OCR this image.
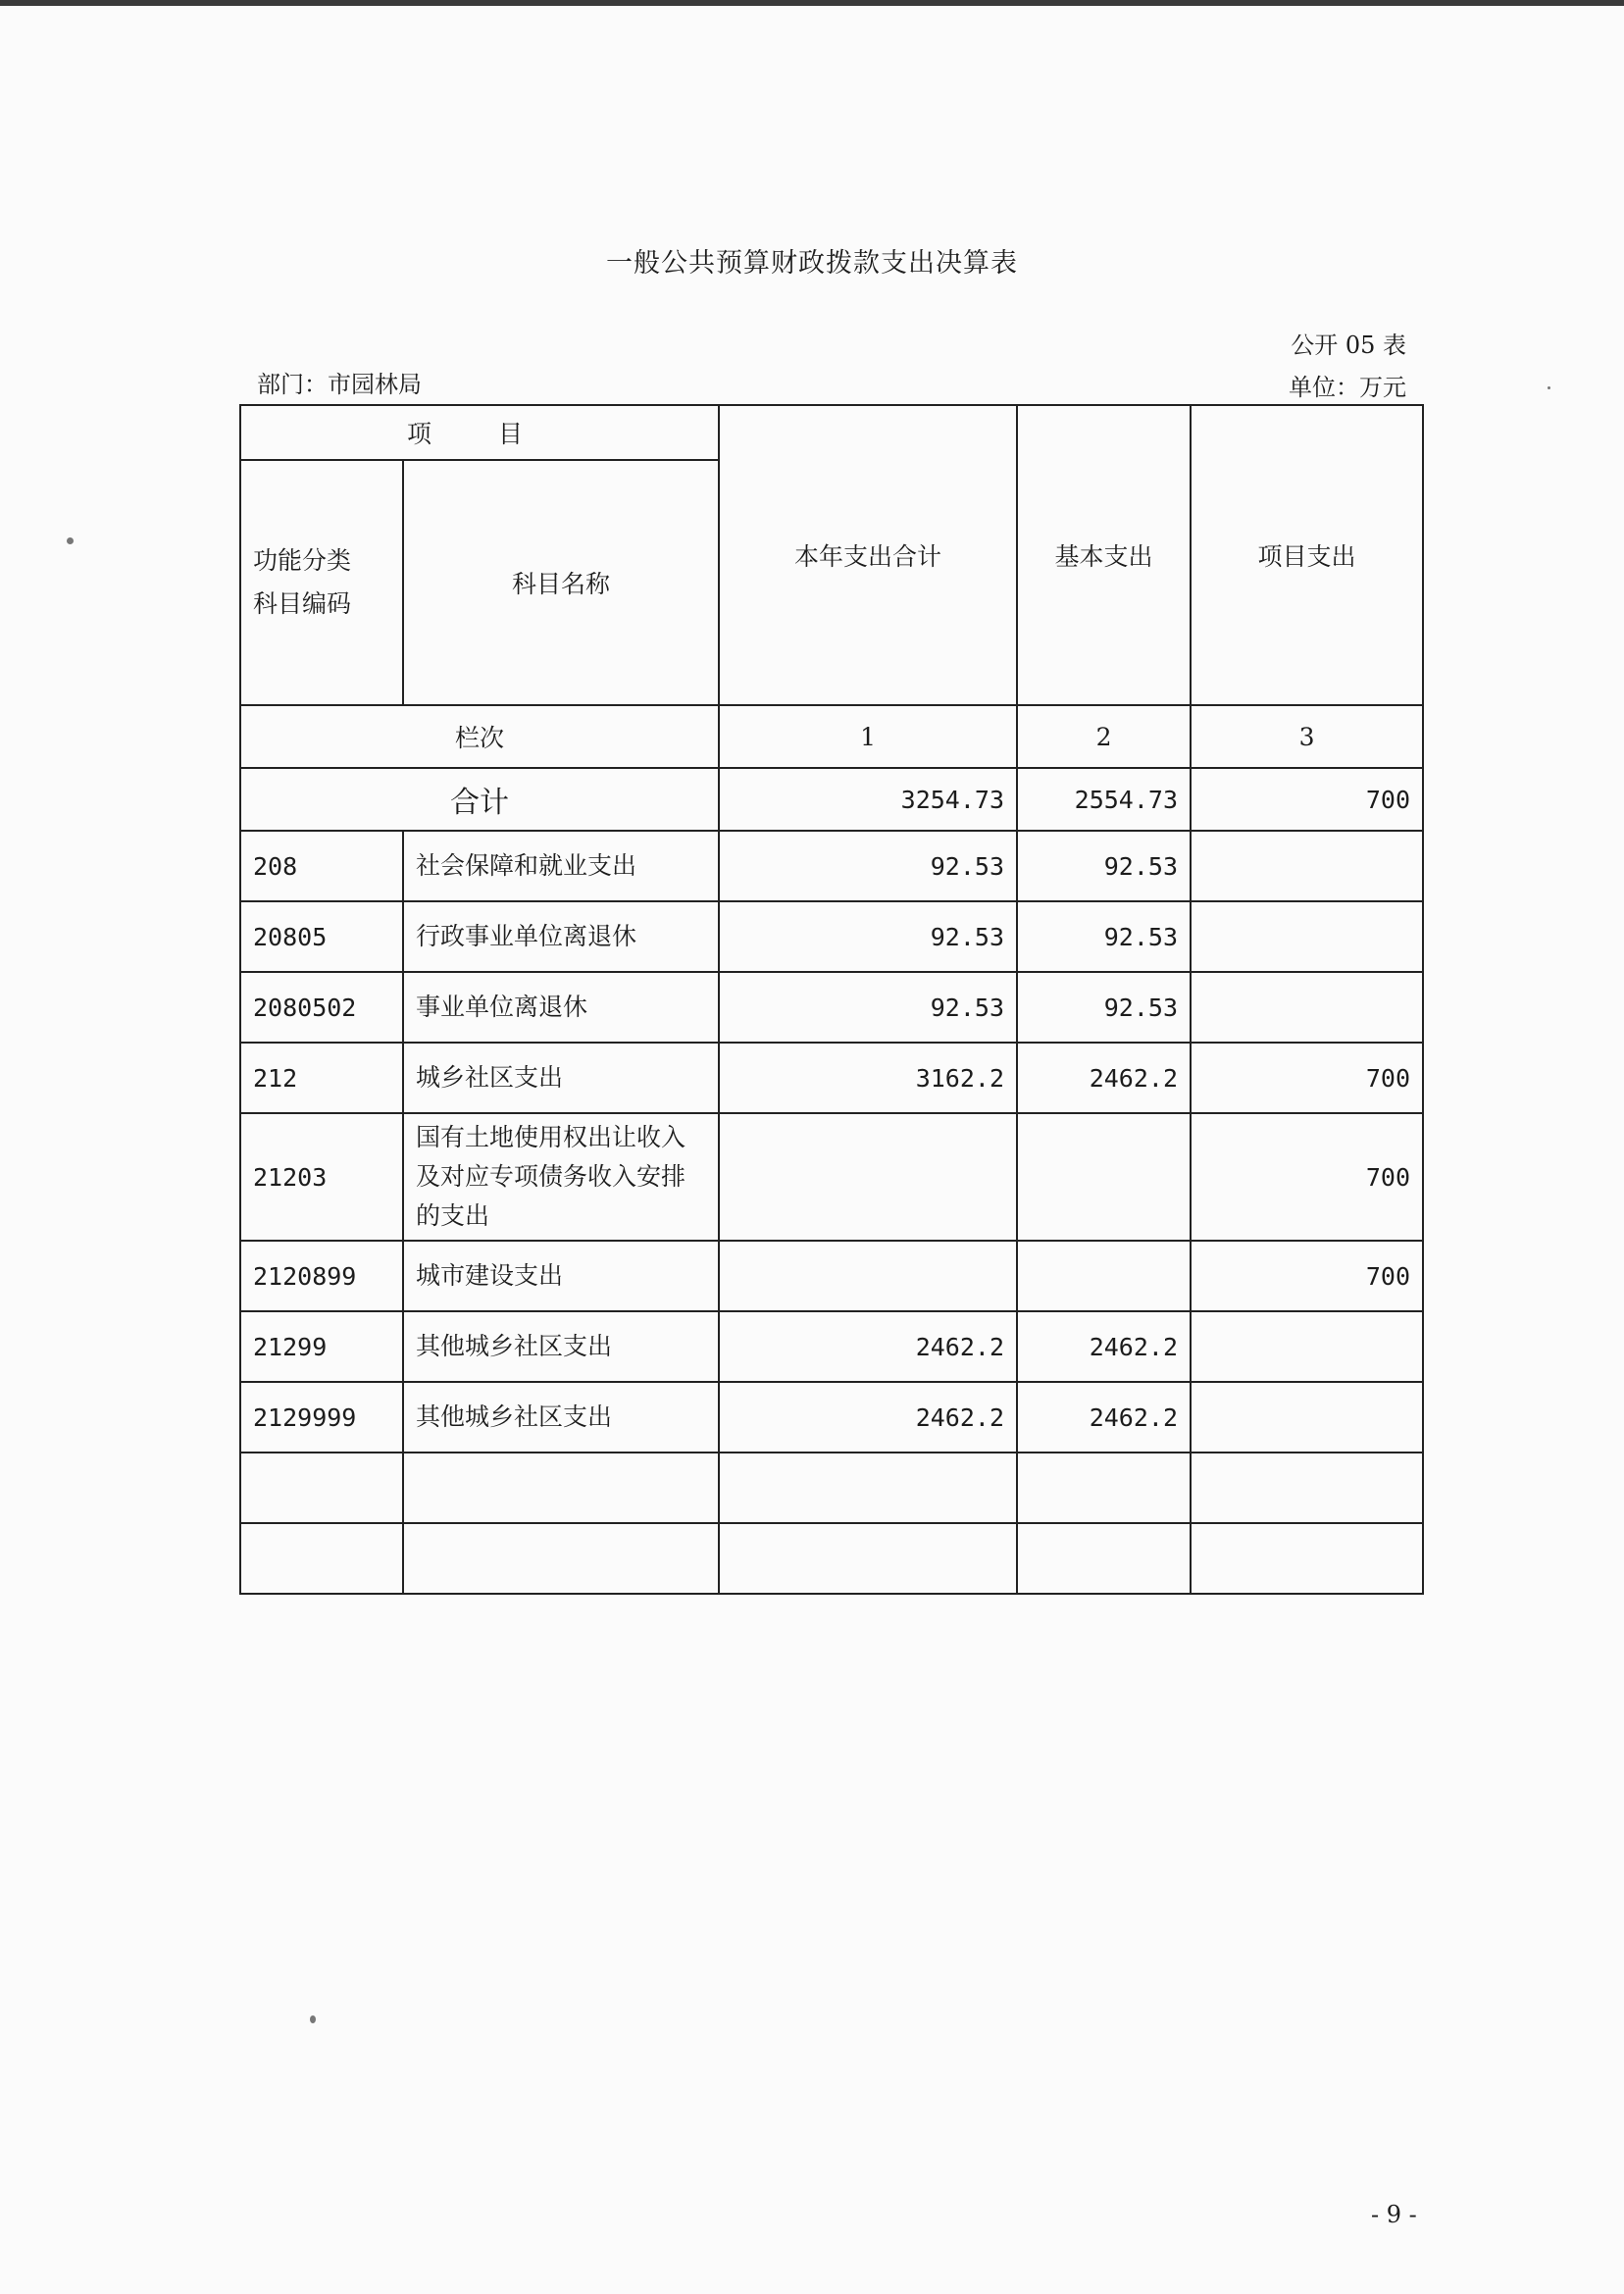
一般公共预算财政拨款支出决算表
公开 05 表
部门：市园林局	单位：万元
项 目		本年支出合计	基本支出	项目支出

功能分类
科目编码	科目名称			
栏次		1	2	3
合计		3254.73	2554.73	700
208	社会保障和就业支出	92.53	92.53	
20805	行政事业单位离退休	92.53	92.53	
2080502	事业单位离退休	92.53	92.53	
212	城乡社区支出	3162.2	2462.2	700
21203	国有土地使用权出让收入及对应专项债务收入安排的支出			700
2120899	城市建设支出			700
21299	其他城乡社区支出	2462.2	2462.2	
2129999	其他城乡社区支出	2462.2	2462.2	

- 9 -
